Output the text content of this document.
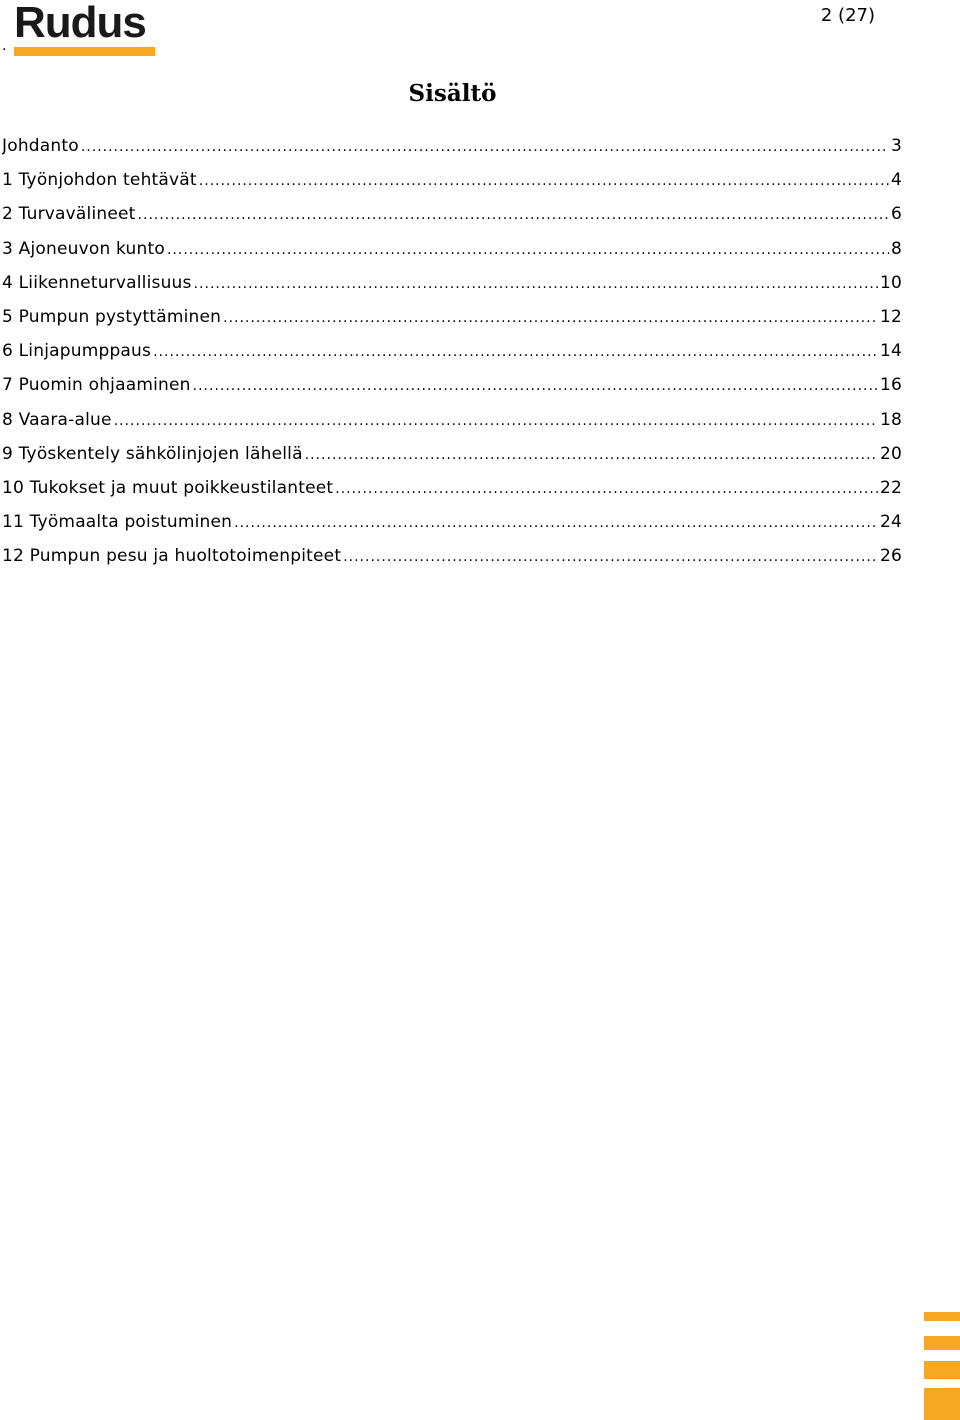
Rudus
.
2 (27)
Sisältö
Johdanto .....	3
1 Työnjohdon tehtävät .....	4
2 Turvavälineet .....	6
3 Ajoneuvon kunto .....	8
4 Liikenneturvallisuus .....	10
5 Pumpun pystyttäminen .....	12
6 Linjapumppaus .....	14
7 Puomin ohjaaminen .....	16
8 Vaara-alue .....	18
9 Työskentely sähkölinjojen lähellä .....	20
10 Tukokset ja muut poikkeustilanteet .....	22
11 Työmaalta poistuminen .....	24
12 Pumpun pesu ja huoltotoimenpiteet .....	26
